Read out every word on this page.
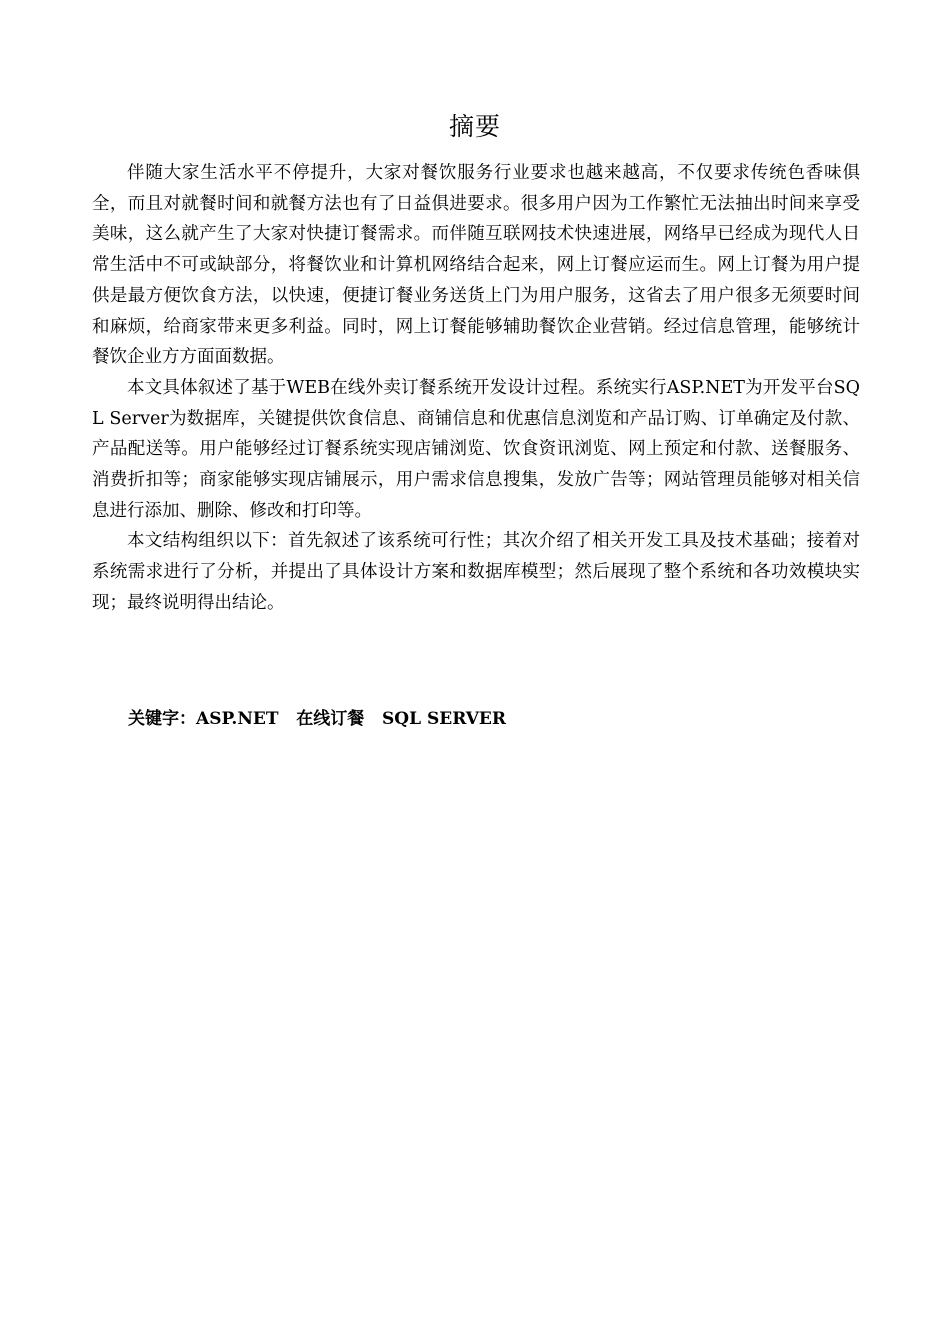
摘要

伴随大家生活水平不停提升，大家对餐饮服务行业要求也越来越高，不仅要求传统色香味俱全，而且对就餐时间和就餐方法也有了日益俱进要求。很多用户因为工作繁忙无法抽出时间来享受美味，这么就产生了大家对快捷订餐需求。而伴随互联网技术快速进展，网络早已经成为现代人日常生活中不可或缺部分，将餐饮业和计算机网络结合起来，网上订餐应运而生。网上订餐为用户提供是最方便饮食方法，以快速，便捷订餐业务送货上门为用户服务，这省去了用户很多无须要时间和麻烦，给商家带来更多利益。同时，网上订餐能够辅助餐饮企业营销。经过信息管理，能够统计餐饮企业方方面面数据。

本文具体叙述了基于WEB在线外卖订餐系统开发设计过程。系统实行ASP.NET为开发平台SQL Server为数据库，关键提供饮食信息、商铺信息和优惠信息浏览和产品订购、订单确定及付款、产品配送等。用户能够经过订餐系统实现店铺浏览、饮食资讯浏览、网上预定和付款、送餐服务、消费折扣等；商家能够实现店铺展示，用户需求信息搜集，发放广告等；网站管理员能够对相关信息进行添加、删除、修改和打印等。

本文结构组织以下：首先叙述了该系统可行性；其次介绍了相关开发工具及技术基础；接着对系统需求进行了分析，并提出了具体设计方案和数据库模型；然后展现了整个系统和各功效模块实现；最终说明得出结论。

关键字：ASP.NET   在线订餐   SQL SERVER
